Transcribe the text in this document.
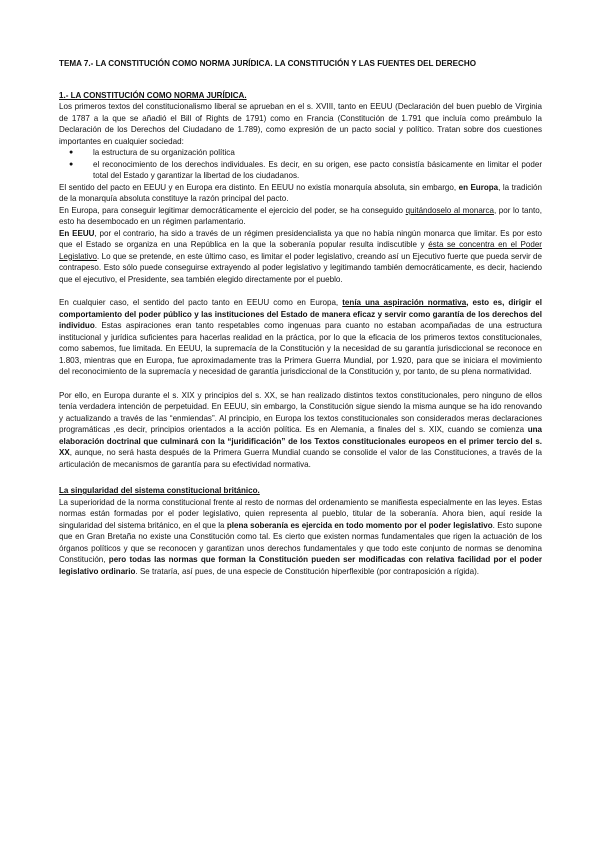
TEMA 7.- LA CONSTITUCIÓN COMO NORMA JURÍDICA. LA CONSTITUCIÓN Y LAS FUENTES DEL DERECHO

1.- LA CONSTITUCIÓN COMO NORMA JURÍDICA.

Los primeros textos del constitucionalismo liberal se aprueban en el s. XVIII, tanto en EEUU (Declaración del buen pueblo de Virginia de 1787 a la que se añadió el Bill of Rights de 1791) como en Francia (Constitución de 1.791 que incluía como preámbulo la Declaración de los Derechos del Ciudadano de 1.789), como expresión de un pacto social y político. Tratan sobre dos cuestiones importantes en cualquier sociedad:

● la estructura de su organización política
● el reconocimiento de los derechos individuales. Es decir, en su origen, ese pacto consistía básicamente en limitar el poder total del Estado y garantizar la libertad de los ciudadanos.

El sentido del pacto en EEUU y en Europa era distinto. En EEUU no existía monarquía absoluta, sin embargo, en Europa, la tradición de la monarquía absoluta constituye la razón principal del pacto.

En Europa, para conseguir legitimar democráticamente el ejercicio del poder, se ha conseguido quitándoselo al monarca, por lo tanto, esto ha desembocado en un régimen parlamentario.

En EEUU, por el contrario, ha sido a través de un régimen presidencialista ya que no había ningún monarca que limitar. Es por esto que el Estado se organiza en una República en la que la soberanía popular resulta indiscutible y ésta se concentra en el Poder Legislativo. Lo que se pretende, en este último caso, es limitar el poder legislativo, creando así un Ejecutivo fuerte que pueda servir de contrapeso. Esto sólo puede conseguirse extrayendo al poder legislativo y legitimando también democráticamente, es decir, haciendo que el ejecutivo, el Presidente, sea también elegido directamente por el pueblo.

En cualquier caso, el sentido del pacto tanto en EEUU como en Europa, tenía una aspiración normativa, esto es, dirigir el comportamiento del poder público y las instituciones del Estado de manera eficaz y servir como garantía de los derechos del individuo. Estas aspiraciones eran tanto respetables como ingenuas para cuanto no estaban acompañadas de una estructura institucional y jurídica suficientes para hacerlas realidad en la práctica, por lo que la eficacia de los primeros textos constitucionales, como sabemos, fue limitada. En EEUU, la supremacía de la Constitución y la necesidad de su garantía jurisdiccional se reconoce en 1.803, mientras que en Europa, fue aproximadamente tras la Primera Guerra Mundial, por 1.920, para que se iniciara el movimiento del reconocimiento de la supremacía y necesidad de garantía jurisdiccional de la Constitución y, por tanto, de su plena normatividad.

Por ello, en Europa durante el s. XIX y principios del s. XX, se han realizado distintos textos constitucionales, pero ninguno de ellos tenía verdadera intención de perpetuidad. En EEUU, sin embargo, la Constitución sigue siendo la misma aunque se ha ido renovando y actualizando a través de las “enmiendas”. Al principio, en Europa los textos constitucionales son considerados meras declaraciones programáticas ,es decir, principios orientados a la acción política. Es en Alemania, a finales del s. XIX, cuando se comienza una elaboración doctrinal que culminará con la “juridificación” de los Textos constitucionales europeos en el primer tercio del s. XX, aunque, no será hasta después de la Primera Guerra Mundial cuando se consolide el valor de las Constituciones, a través de la articulación de mecanismos de garantía para su efectividad normativa.

La singularidad del sistema constitucional británico.

La superioridad de la norma constitucional frente al resto de normas del ordenamiento se manifiesta especialmente en las leyes. Estas normas están formadas por el poder legislativo, quien representa al pueblo, titular de la soberanía. Ahora bien, aquí reside la singularidad del sistema británico, en el que la plena soberanía es ejercida en todo momento por el poder legislativo. Esto supone que en Gran Bretaña no existe una Constitución como tal. Es cierto que existen normas fundamentales que rigen la actuación de los órganos políticos y que se reconocen y garantizan unos derechos fundamentales y que todo este conjunto de normas se denomina Constitución, pero todas las normas que forman la Constitución pueden ser modificadas con relativa facilidad por el poder legislativo ordinario. Se trataría, así pues, de una especie de Constitución hiperflexible (por contraposición a rígida).
